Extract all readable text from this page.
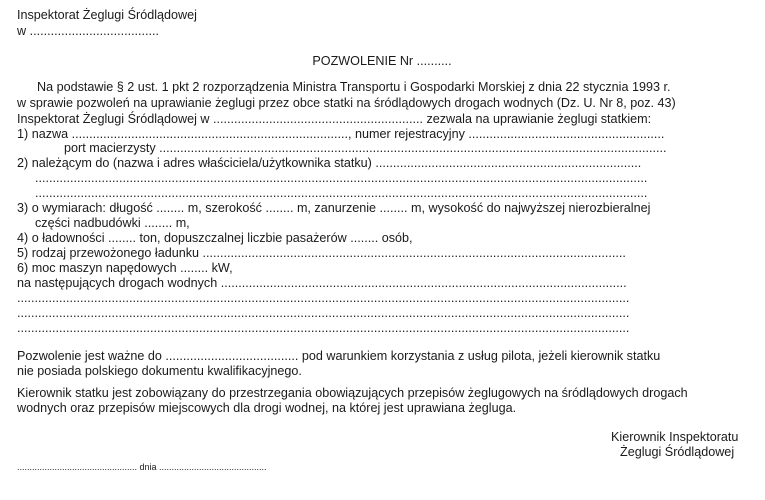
Inspektorat Żeglugi Śródlądowej
w .....................................
POZWOLENIE Nr ..........
Na podstawie § 2 ust. 1 pkt 2 rozporządzenia Ministra Transportu i Gospodarki Morskiej z dnia 22 stycznia 1993 r.
w sprawie pozwoleń na uprawianie żeglugi przez obce statki na śródlądowych drogach wodnych (Dz. U. Nr 8, poz. 43)
Inspektorat Żeglugi Śródlądowej w ............................................................ zezwala na uprawianie żeglugi statkiem:
1) nazwa ..............................................................................., numer rejestracyjny ........................................................
port macierzysty .................................................................................................................................................
2) należącym do (nazwa i adres właściciela/użytkownika statku) ............................................................................
...............................................................................................................................................................................
...............................................................................................................................................................................
3) o wymiarach: długość ........ m, szerokość ........ m, zanurzenie ........ m, wysokość do najwyższej nierozbieralnej
części nadbudówki ........ m,
4) o ładowności ........ ton, dopuszczalnej liczbie pasażerów ........ osób,
5) rodzaj przewożonego ładunku .........................................................................................................................
6) moc maszyn napędowych ........ kW,
na następujących drogach wodnych ....................................................................................................................
...............................................................................................................................................................................
...............................................................................................................................................................................
...............................................................................................................................................................................
Pozwolenie jest ważne do ...................................... pod warunkiem korzystania z usług pilota, jeżeli kierownik statku
nie posiada polskiego dokumentu kwalifikacyjnego.
Kierownik statku jest zobowiązany do przestrzegania obowiązujących przepisów żeglugowych na śródlądowych drogach
wodnych oraz przepisów miejscowych dla drogi wodnej, na której jest uprawiana żegluga.
Kierownik Inspektoratu
Żeglugi Śródlądowej
................................................ dnia ...........................................
